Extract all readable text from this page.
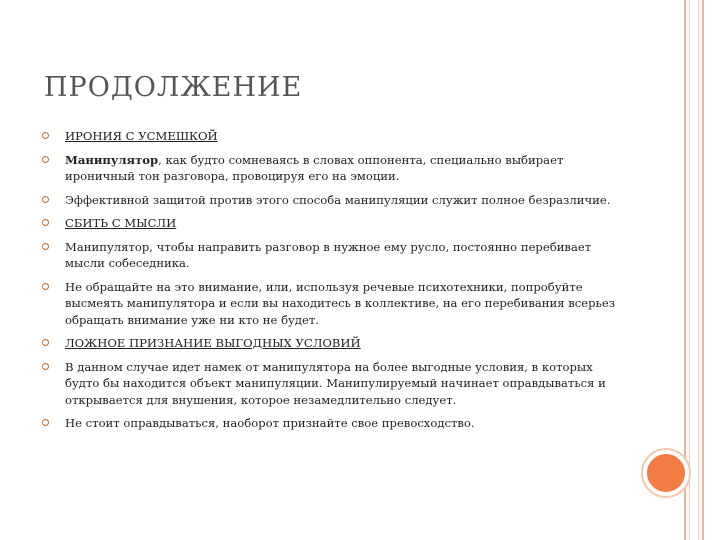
ПРОДОЛЖЕНИЕ
ИРОНИЯ С УСМЕШКОЙ
Манипулятор, как будто сомневаясь в словах оппонента, специально выбирает ироничный тон разговора, провоцируя его на эмоции.
Эффективной защитой против этого способа манипуляции служит полное безразличие.
СБИТЬ С МЫСЛИ
Манипулятор, чтобы направить разговор в нужное ему русло, постоянно перебивает мысли собеседника.
Не обращайте на это внимание, или, используя речевые психотехники, попробуйте высмеять манипулятора и если вы находитесь в коллективе, на его перебивания всерьез обращать внимание уже ни кто не будет.
ЛОЖНОЕ ПРИЗНАНИЕ ВЫГОДНЫХ УСЛОВИЙ
В данном случае идет намек от манипулятора на более выгодные условия, в которых будто бы находится объект манипуляции. Манипулируемый начинает оправдываться и открывается для внушения, которое незамедлительно следует.
Не стоит оправдываться, наоборот признайте свое превосходство.
